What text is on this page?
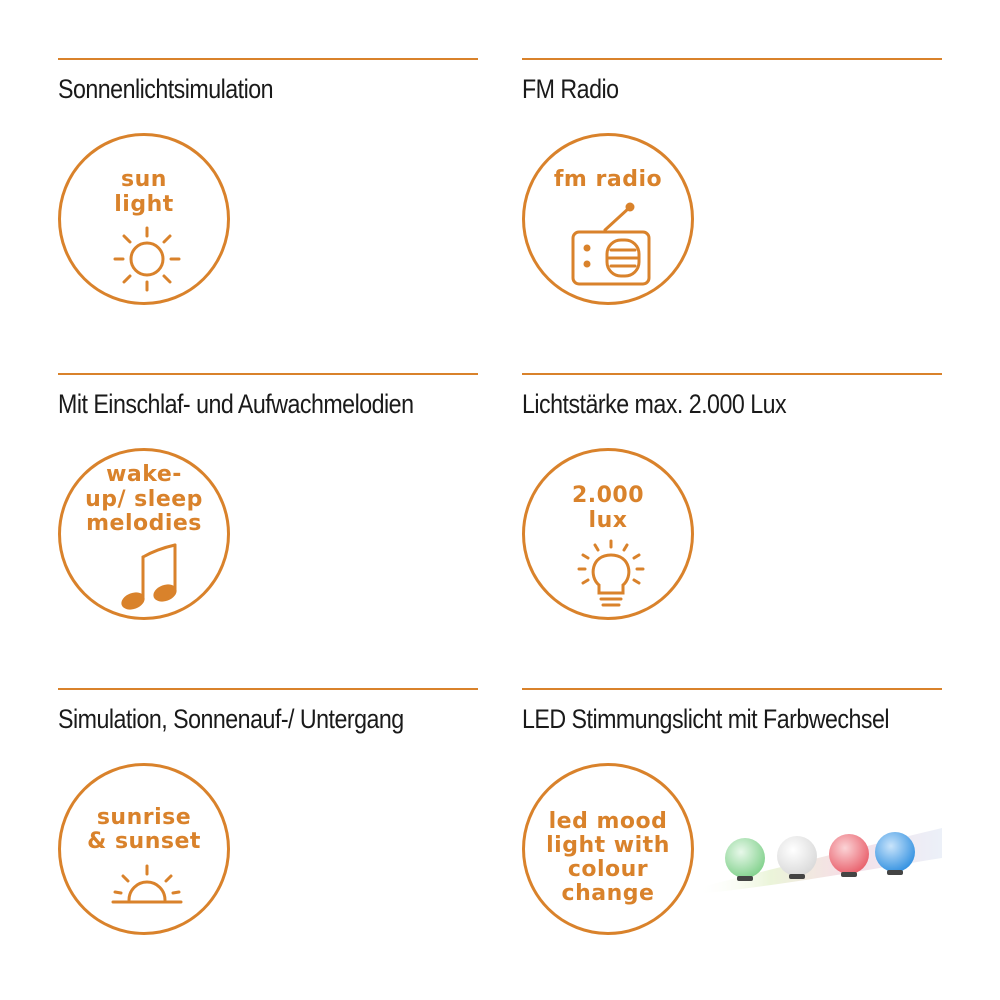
Sonnenlichtsimulation
sun
light
FM Radio
fm radio
Mit Einschlaf- und Aufwachmelodien
wake-
up/ sleep
melodies
Lichtstärke max. 2.000 Lux
2.000
lux
Simulation, Sonnenauf-/ Untergang
sunrise
& sunset
LED Stimmungslicht mit Farbwechsel
led mood
light with
colour
change
